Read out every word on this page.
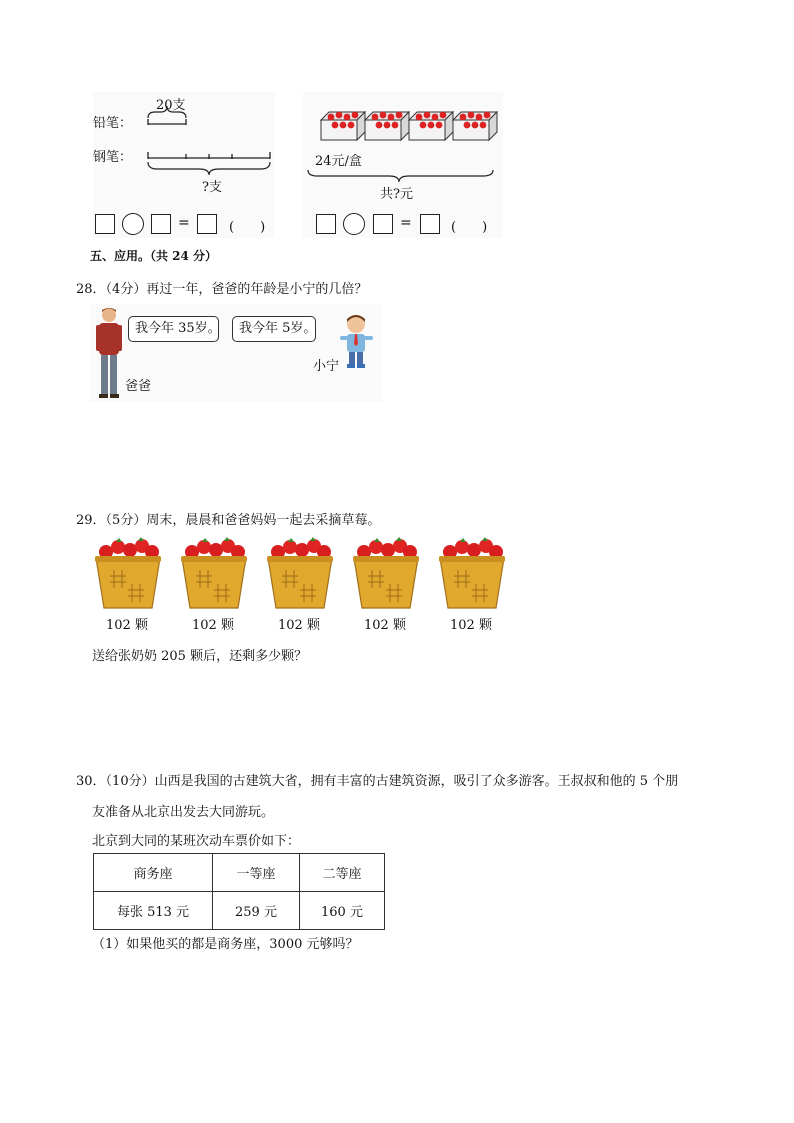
铅笔：
20支
钢笔：
?支
=	(　　)
24元/盒
共?元
=	(　　)
五、应用。（共 24 分）
28．（4分）再过一年，爸爸的年龄是小宁的几倍？
我今年 35岁。	我今年 5岁。
爸爸
小宁
29．（5分）周末，晨晨和爸爸妈妈一起去采摘草莓。
102 颗	102 颗	102 颗	102 颗	102 颗
送给张奶奶 205 颗后，还剩多少颗？
30．（10分）山西是我国的古建筑大省，拥有丰富的古建筑资源，吸引了众多游客。王叔叔和他的 5 个朋
友准备从北京出发去大同游玩。
北京到大同的某班次动车票价如下：
商务座	一等座	二等座
每张 513 元	259 元	160 元
（1）如果他买的都是商务座，3000 元够吗？
